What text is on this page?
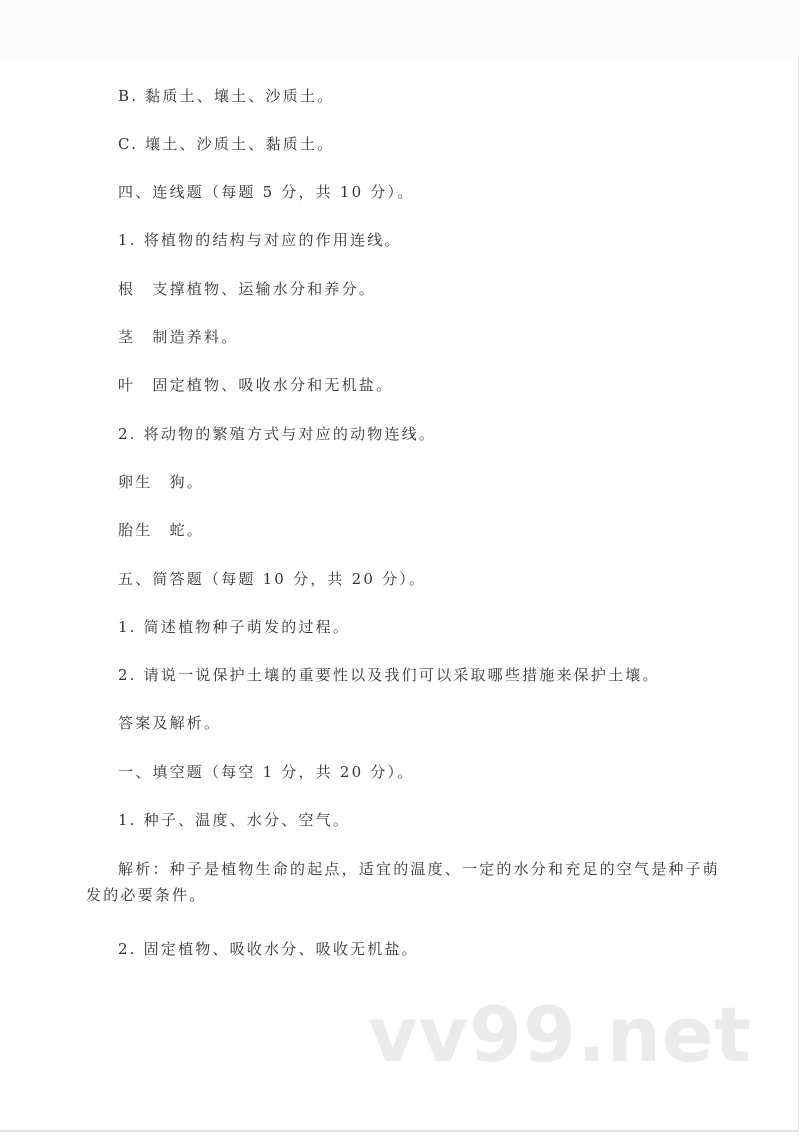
B. 黏质土、壤土、沙质土。
C. 壤土、沙质土、黏质土。
四、连线题（每题 5 分，共 10 分）。
1. 将植物的结构与对应的作用连线。
根　支撑植物、运输水分和养分。
茎　制造养料。
叶　固定植物、吸收水分和无机盐。
2. 将动物的繁殖方式与对应的动物连线。
卵生　狗。
胎生　蛇。
五、简答题（每题 10 分，共 20 分）。
1. 简述植物种子萌发的过程。
2. 请说一说保护土壤的重要性以及我们可以采取哪些措施来保护土壤。
答案及解析。
一、填空题（每空 1 分，共 20 分）。
1. 种子、温度、水分、空气。
解析：种子是植物生命的起点，适宜的温度、一定的水分和充足的空气是种子萌发的必要条件。
2. 固定植物、吸收水分、吸收无机盐。
vv99.net
